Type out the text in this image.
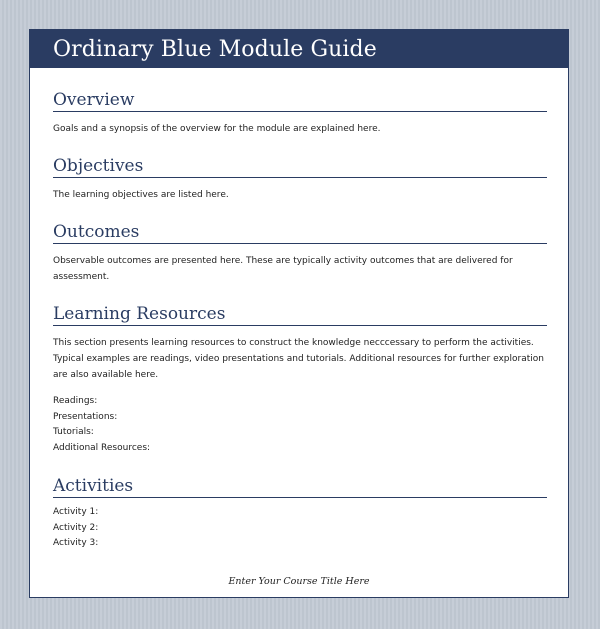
Ordinary Blue Module Guide
Overview

Goals and a synopsis of the overview for the module are explained here.

Objectives

The learning objectives are listed here.

Outcomes

Observable outcomes are presented here. These are typically activity outcomes that are delivered for assessment.

Learning Resources

This section presents learning resources to construct the knowledge necccessary to perform the activities. Typical examples are readings, video presentations and tutorials. Additional resources for further exploration are also available here.

Readings:

Presentations:

Tutorials:

Additional Resources:

Activities

Activity 1:

Activity 2:

Activity 3:

Enter Your Course Title Here
